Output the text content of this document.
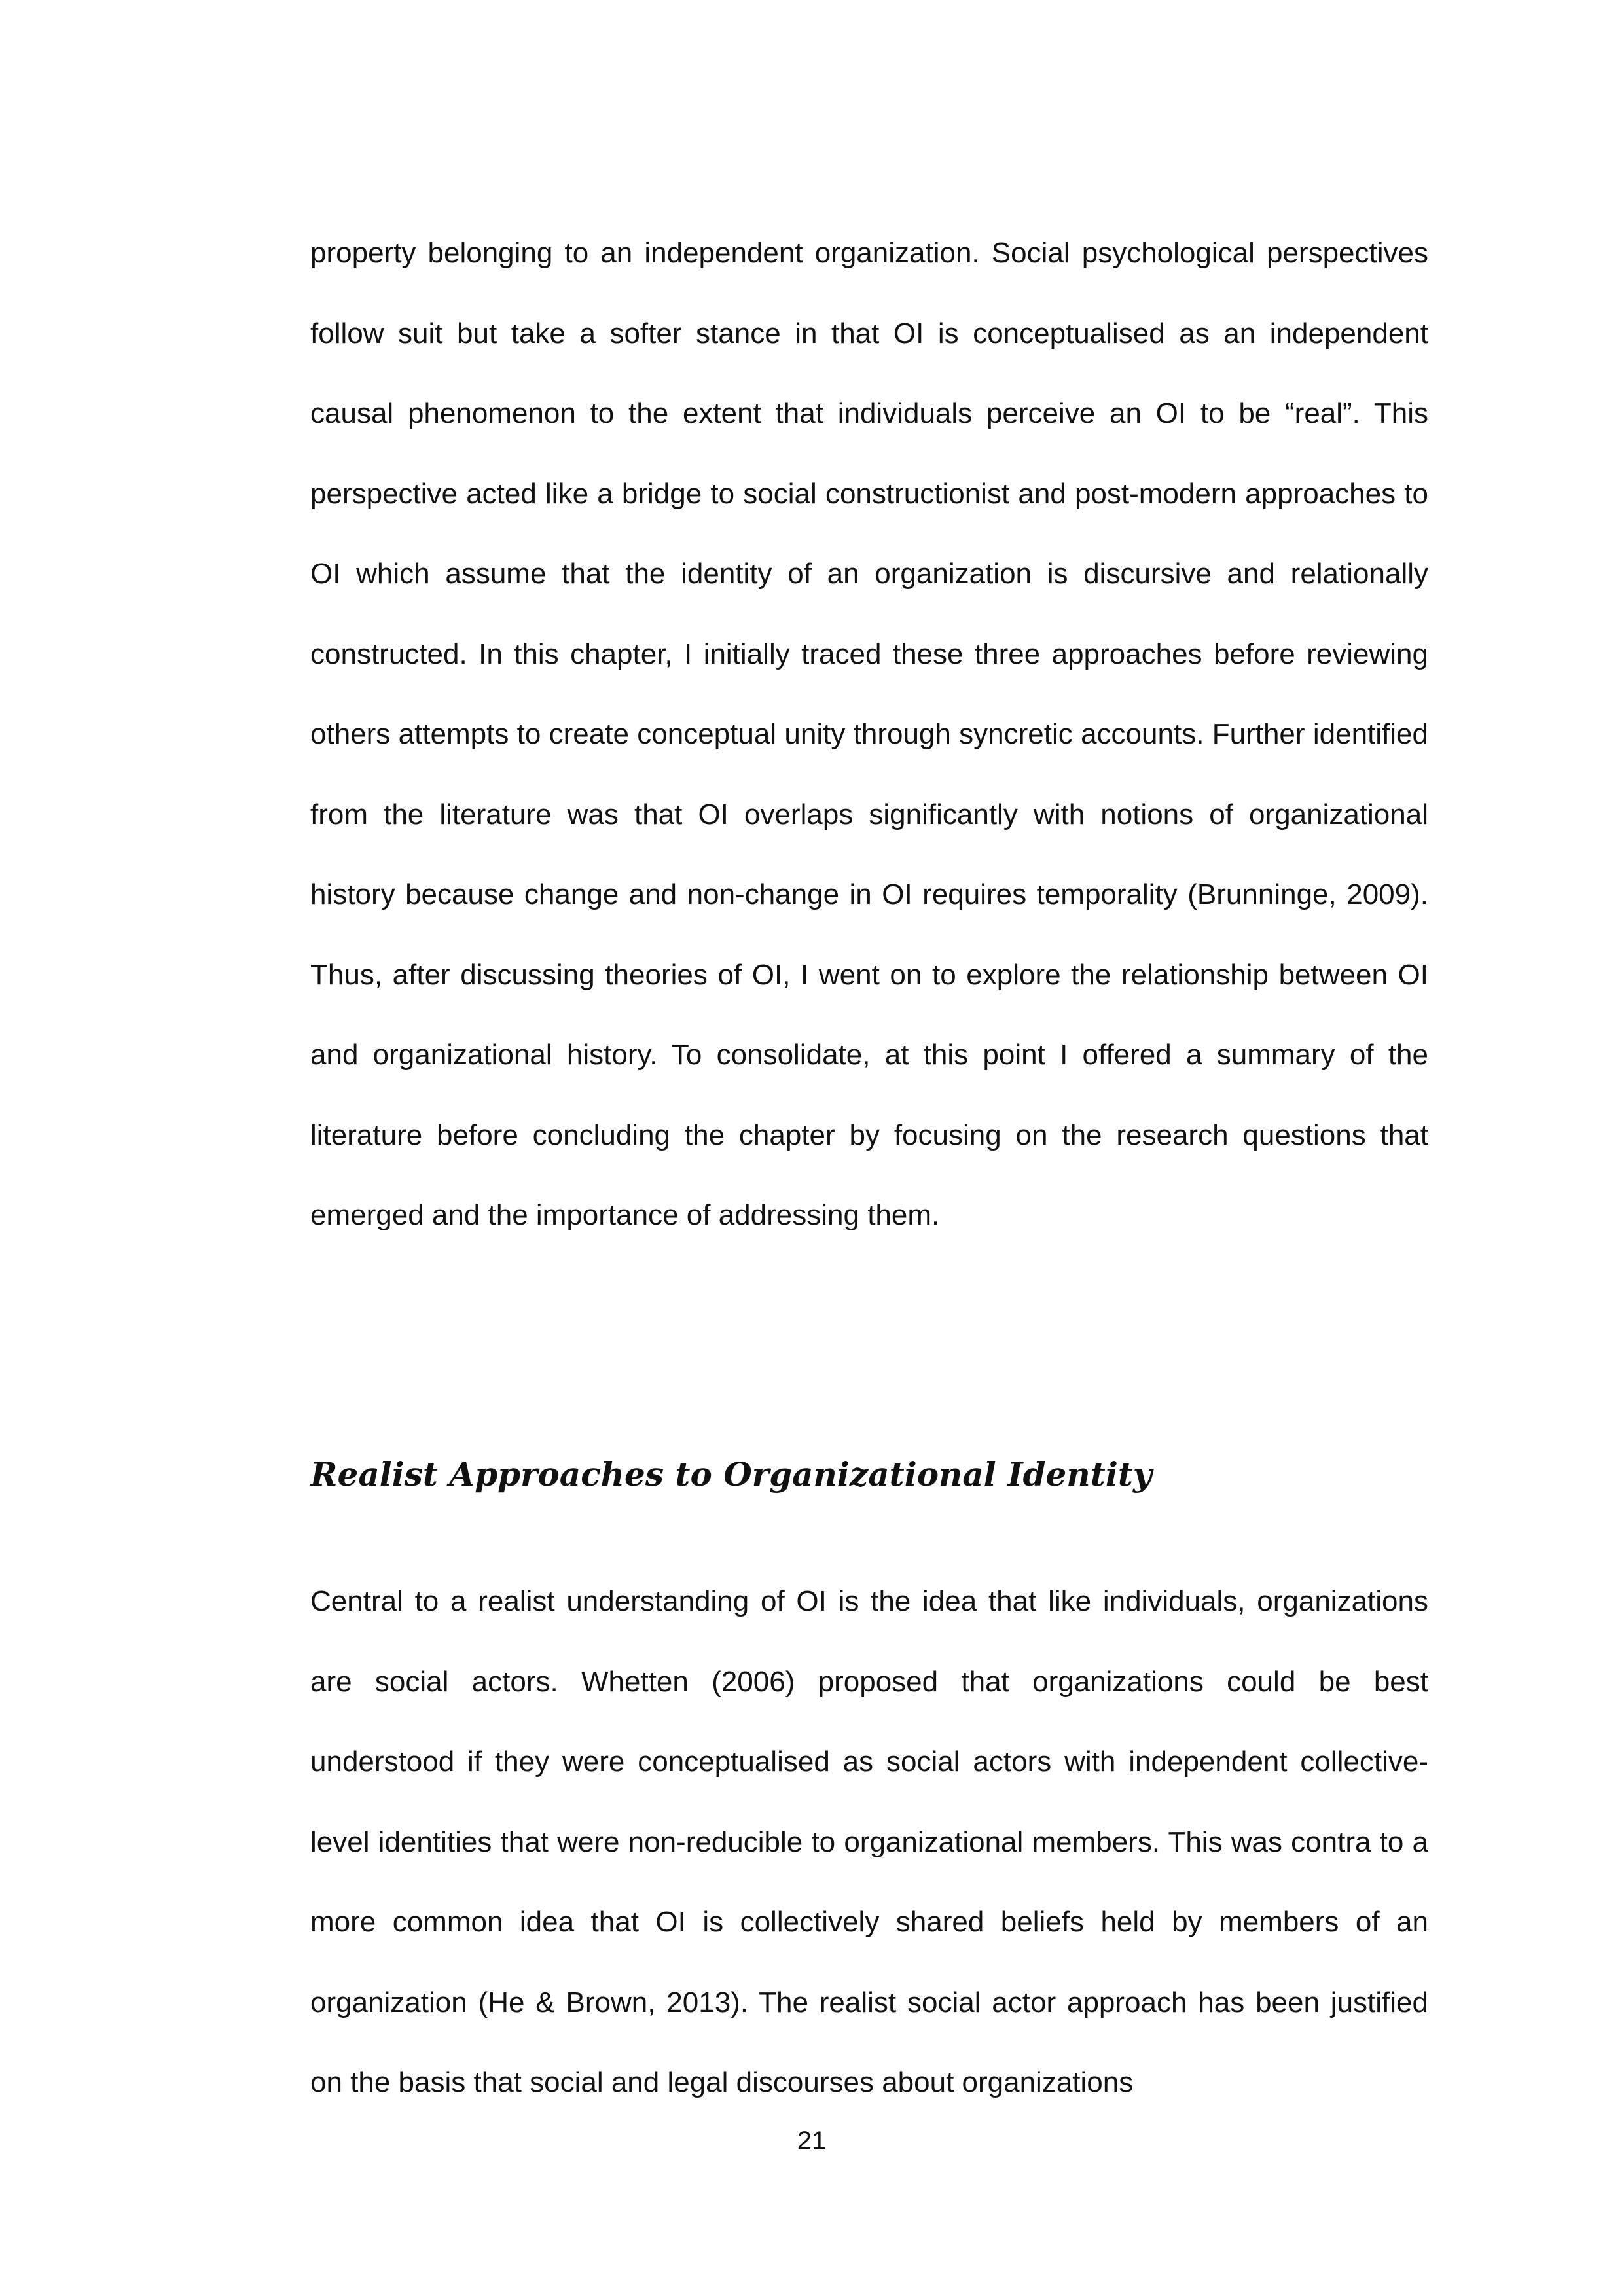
property belonging to an independent organization. Social psychological perspectives follow suit but take a softer stance in that OI is conceptualised as an independent causal phenomenon to the extent that individuals perceive an OI to be “real”. This perspective acted like a bridge to social constructionist and post-modern approaches to OI which assume that the identity of an organization is discursive and relationally constructed. In this chapter, I initially traced these three approaches before reviewing others attempts to create conceptual unity through syncretic accounts. Further identified from the literature was that OI overlaps significantly with notions of organizational history because change and non-change in OI requires temporality (Brunninge, 2009). Thus, after discussing theories of OI, I went on to explore the relationship between OI and organizational history. To consolidate, at this point I offered a summary of the literature before concluding the chapter by focusing on the research questions that emerged and the importance of addressing them.

Realist Approaches to Organizational Identity

Central to a realist understanding of OI is the idea that like individuals, organizations are social actors. Whetten (2006) proposed that organizations could be best understood if they were conceptualised as social actors with independent collective-level identities that were non-reducible to organizational members. This was contra to a more common idea that OI is collectively shared beliefs held by members of an organization (He & Brown, 2013). The realist social actor approach has been justified on the basis that social and legal discourses about organizations

21
